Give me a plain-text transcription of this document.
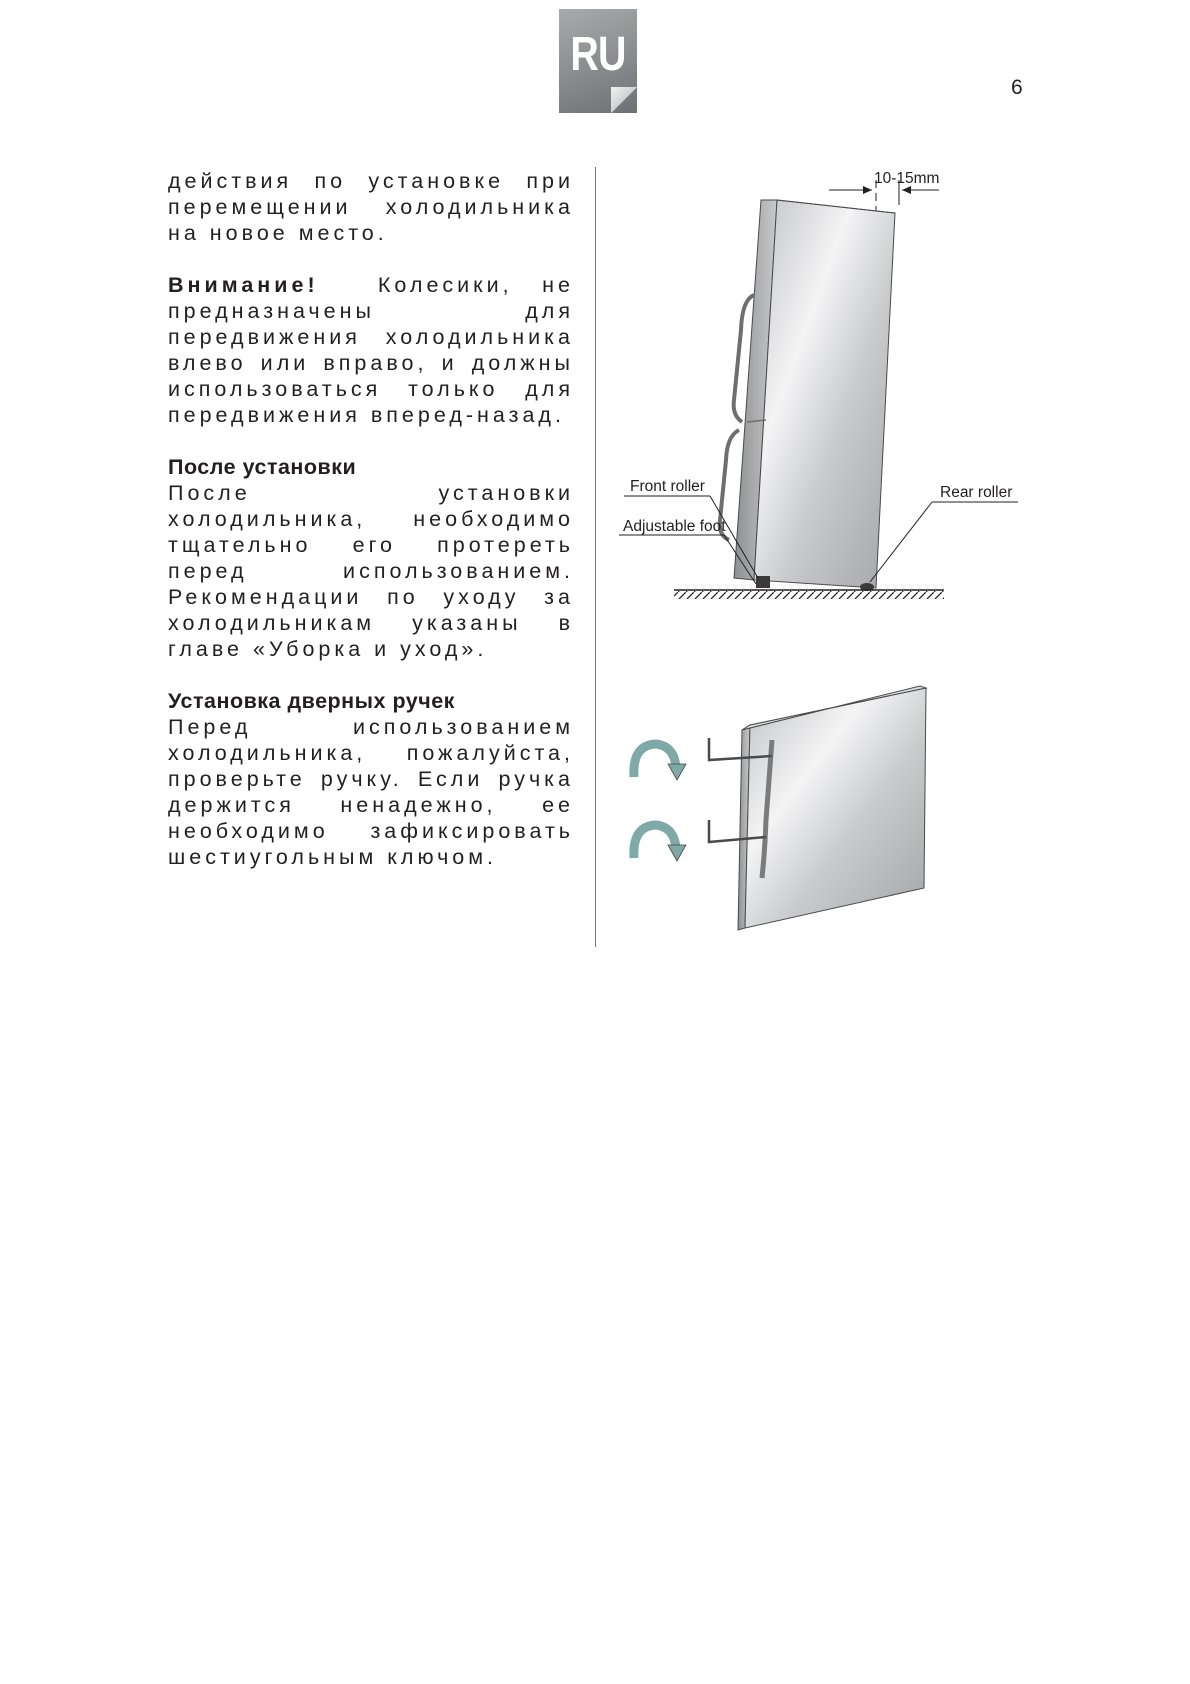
RU
6

действия по установке при перемещении холодильника на новое место.

Внимание!	Колесики, не предназначены для передвижения холодильника влево или вправо, и должны использоваться только для передвижения вперед-назад.

После установки
После установки холодильника, необходимо тщательно его протереть перед использованием. Рекомендации по уходу за холодильникам указаны в главе «Уборка и уход».

Установка дверных ручек
Перед использованием холодильника, пожалуйста, проверьте ручку. Если ручка держится ненадежно, ее необходимо зафиксировать шестиугольным ключом.

10-15mm
Front roller
Adjustable foot
Rear roller
